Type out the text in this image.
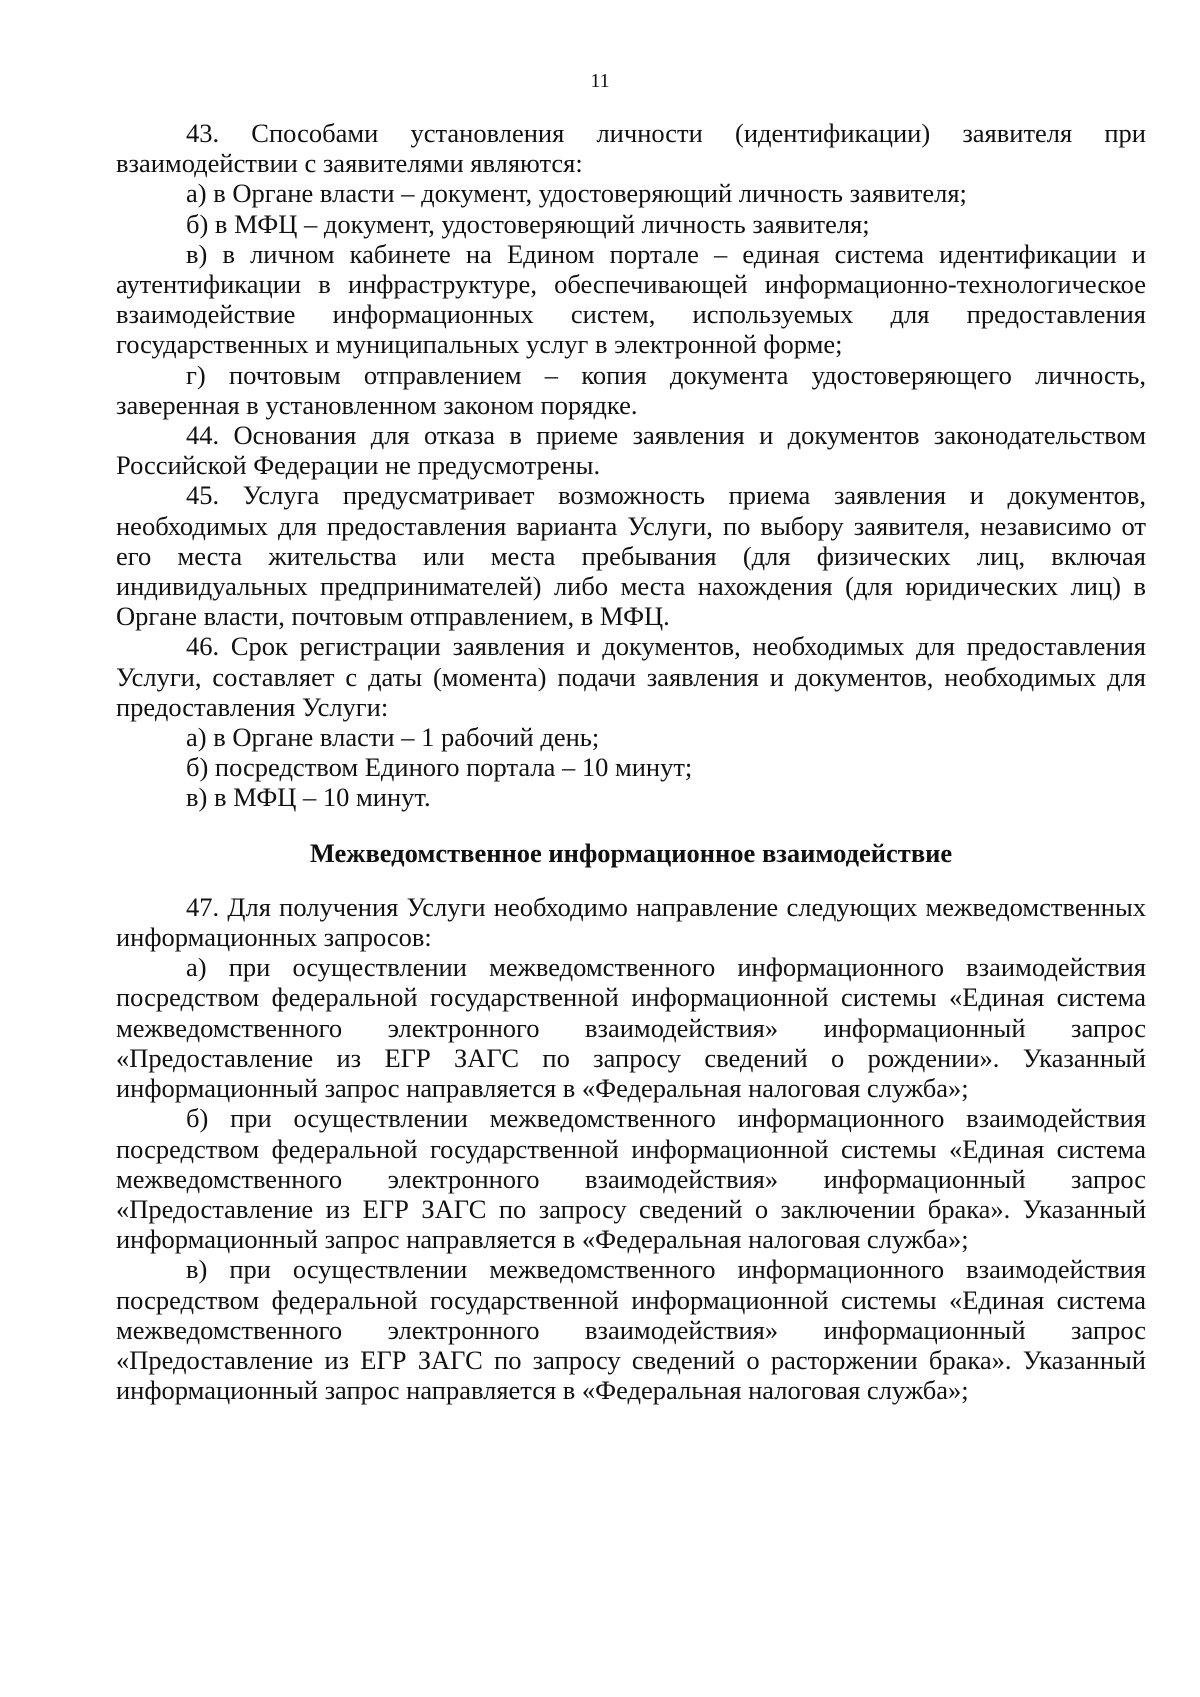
11

43. Способами установления личности (идентификации) заявителя при взаимодействии с заявителями являются:

а) в Органе власти – документ, удостоверяющий личность заявителя;

б) в МФЦ – документ, удостоверяющий личность заявителя;

в) в личном кабинете на Едином портале – единая система идентификации и аутентификации в инфраструктуре, обеспечивающей информационно-технологическое взаимодействие информационных систем, используемых для предоставления государственных и муниципальных услуг в электронной форме;

г) почтовым отправлением – копия документа удостоверяющего личность, заверенная в установленном законом порядке.

44. Основания для отказа в приеме заявления и документов законодательством Российской Федерации не предусмотрены.

45. Услуга предусматривает возможность приема заявления и документов, необходимых для предоставления варианта Услуги, по выбору заявителя, независимо от его места жительства или места пребывания (для физических лиц, включая индивидуальных предпринимателей) либо места нахождения (для юридических лиц) в Органе власти, почтовым отправлением, в МФЦ.

46. Срок регистрации заявления и документов, необходимых для предоставления Услуги, составляет с даты (момента) подачи заявления и документов, необходимых для предоставления Услуги:

а) в Органе власти – 1 рабочий день;

б) посредством Единого портала – 10 минут;

в) в МФЦ – 10 минут.

Межведомственное информационное взаимодействие

47. Для получения Услуги необходимо направление следующих межведомственных информационных запросов:

а) при осуществлении межведомственного информационного взаимодействия посредством федеральной государственной информационной системы «Единая система межведомственного электронного взаимодействия» информационный запрос «Предоставление из ЕГР ЗАГС по запросу сведений о рождении». Указанный информационный запрос направляется в «Федеральная налоговая служба»;

б) при осуществлении межведомственного информационного взаимодействия посредством федеральной государственной информационной системы «Единая система межведомственного электронного взаимодействия» информационный запрос «Предоставление из ЕГР ЗАГС по запросу сведений о заключении брака». Указанный информационный запрос направляется в «Федеральная налоговая служба»;

в) при осуществлении межведомственного информационного взаимодействия посредством федеральной государственной информационной системы «Единая система межведомственного электронного взаимодействия» информационный запрос «Предоставление из ЕГР ЗАГС по запросу сведений о расторжении брака». Указанный информационный запрос направляется в «Федеральная налоговая служба»;
